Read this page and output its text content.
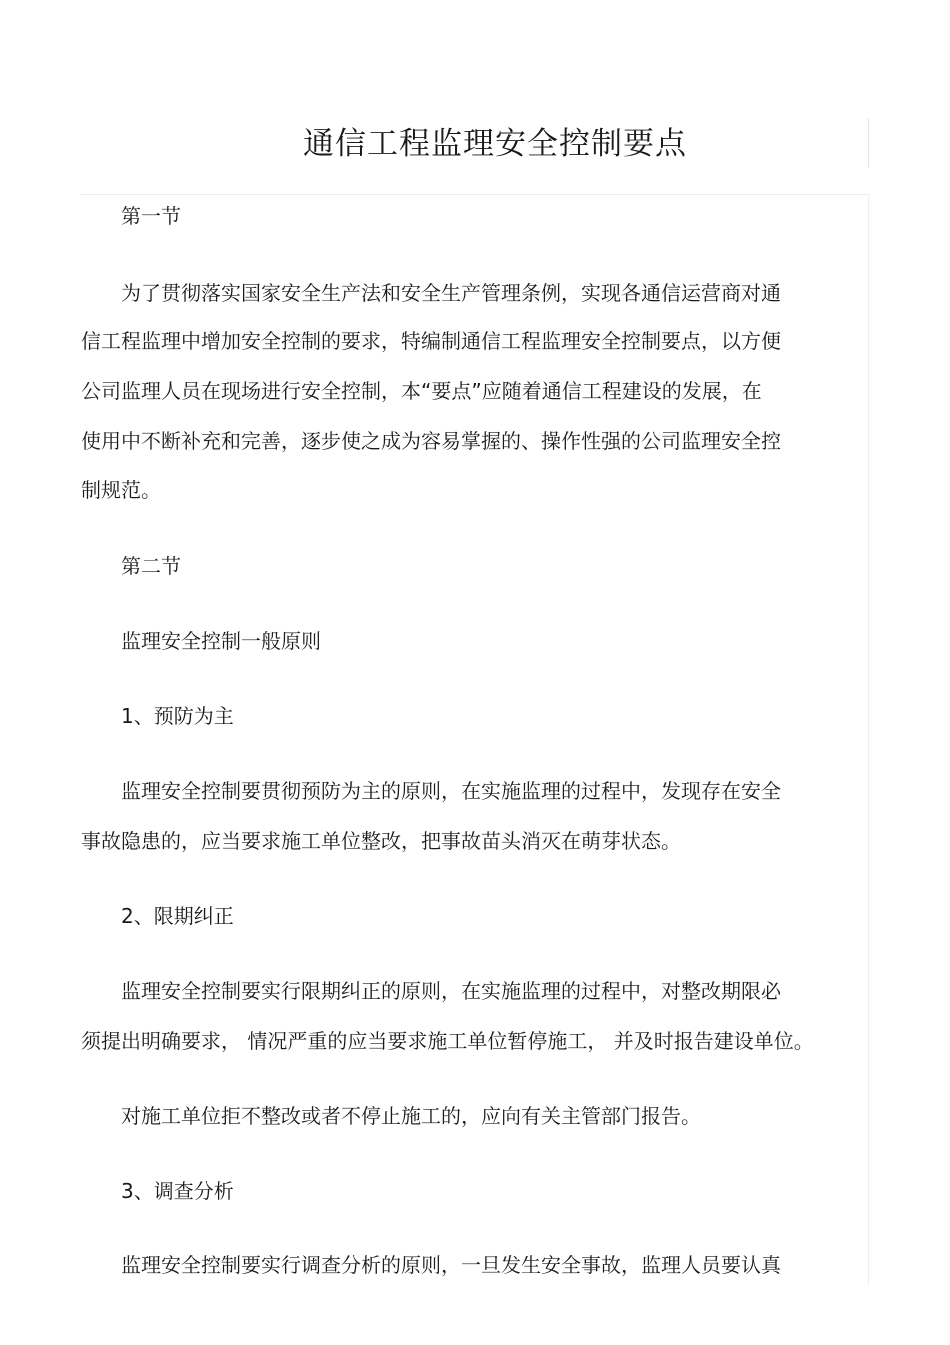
通信工程监理安全控制要点

第一节

为了贯彻落实国家安全生产法和安全生产管理条例，实现各通信运营商对通

信工程监理中增加安全控制的要求，特编制通信工程监理安全控制要点，以方便

公司监理人员在现场进行安全控制，本“要点”应随着通信工程建设的发展，在

使用中不断补充和完善，逐步使之成为容易掌握的、操作性强的公司监理安全控

制规范。

第二节

监理安全控制一般原则

1、预防为主

监理安全控制要贯彻预防为主的原则，在实施监理的过程中，发现存在安全

事故隐患的，应当要求施工单位整改，把事故苗头消灭在萌芽状态。

2、限期纠正

监理安全控制要实行限期纠正的原则，在实施监理的过程中，对整改期限必

须提出明确要求， 情况严重的应当要求施工单位暂停施工， 并及时报告建设单位。

对施工单位拒不整改或者不停止施工的，应向有关主管部门报告。

3、调查分析

监理安全控制要实行调查分析的原则，一旦发生安全事故，监理人员要认真
